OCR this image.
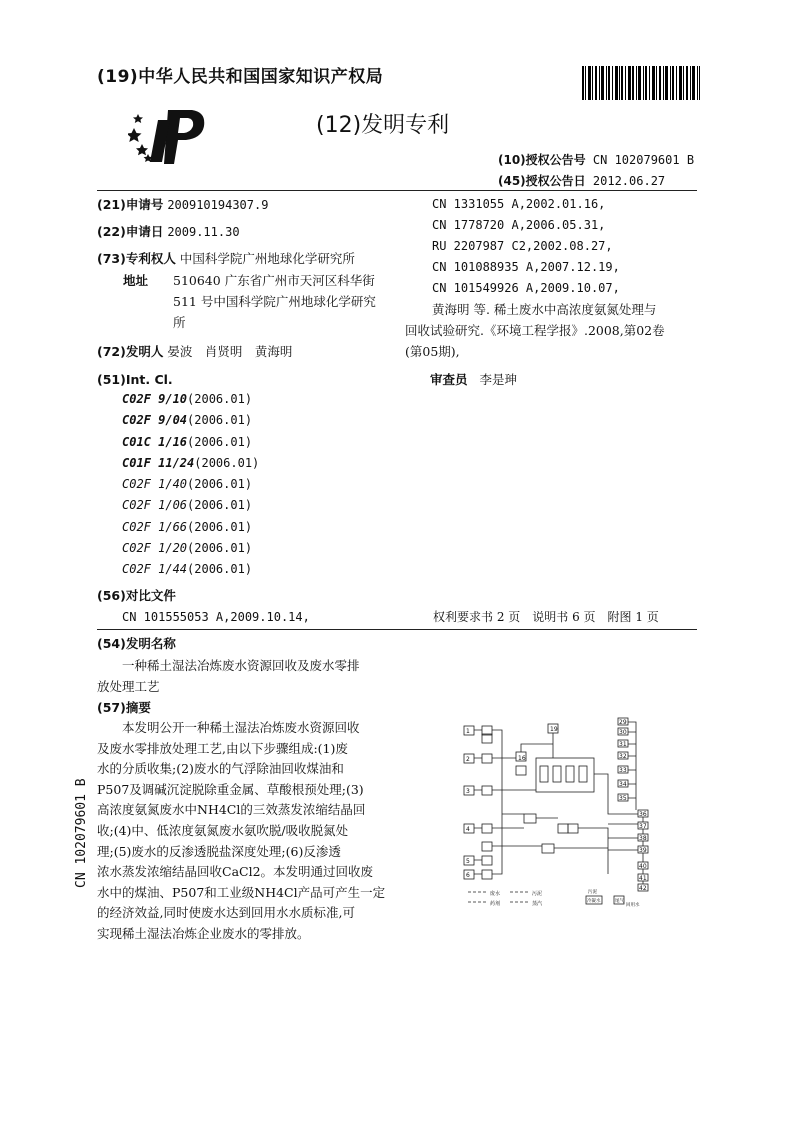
(19)中华人民共和国国家知识产权局
(12)发明专利
(10)授权公告号 CN 102079601 B
(45)授权公告日 2012.06.27
(21)申请号 200910194307.9
(22)申请日 2009.11.30
(73)专利权人 中国科学院广州地球化学研究所
地址 510640 广东省广州市天河区科华街
511 号中国科学院广州地球化学研究
所
(72)发明人 晏波　肖贤明　黄海明
(51)Int. Cl.
C02F 9/10(2006.01)
C02F 9/04(2006.01)
C01C 1/16(2006.01)
C01F 11/24(2006.01)
C02F 1/40(2006.01)
C02F 1/06(2006.01)
C02F 1/66(2006.01)
C02F 1/20(2006.01)
C02F 1/44(2006.01)
(56)对比文件
CN 101555053 A,2009.10.14,
CN 1331055 A,2002.01.16,
CN 1778720 A,2006.05.31,
RU 2207987 C2,2002.08.27,
CN 101088935 A,2007.12.19,
CN 101549926 A,2009.10.07,
黄海明 等. 稀土废水中高浓度氨氮处理与
回收试验研究.《环境工程学报》.2008,第02卷
(第05期),
审查员 李是珅
权利要求书 2 页　说明书 6 页　附图 1 页
(54)发明名称
一种稀土湿法冶炼废水资源回收及废水零排
放处理工艺
(57)摘要
本发明公开一种稀土湿法冶炼废水资源回收
及废水零排放处理工艺,由以下步骤组成:(1)废
水的分质收集;(2)废水的气浮除油回收煤油和
P507及调碱沉淀脱除重金属、草酸根预处理;(3)
高浓度氨氮废水中NH4Cl的三效蒸发浓缩结晶回
收;(4)中、低浓度氨氮废水氨吹脱/吸收脱氮处
理;(5)废水的反渗透脱盐深度处理;(6)反渗透
浓水蒸发浓缩结晶回收CaCl2。本发明通过回收废
水中的煤油、P507和工业级NH4Cl产品可产生一定
的经济效益,同时使废水达到回用水水质标准,可
实现稀土湿法冶炼企业废水的零排放。
CN 102079601 B
1
2
3
4
5
6
16
19
29
30
31
32
33
34
35
36
37
38
39
40
41
42
废水	污泥
药剂	蒸汽	冷凝水	尾气
污泥
回用水
